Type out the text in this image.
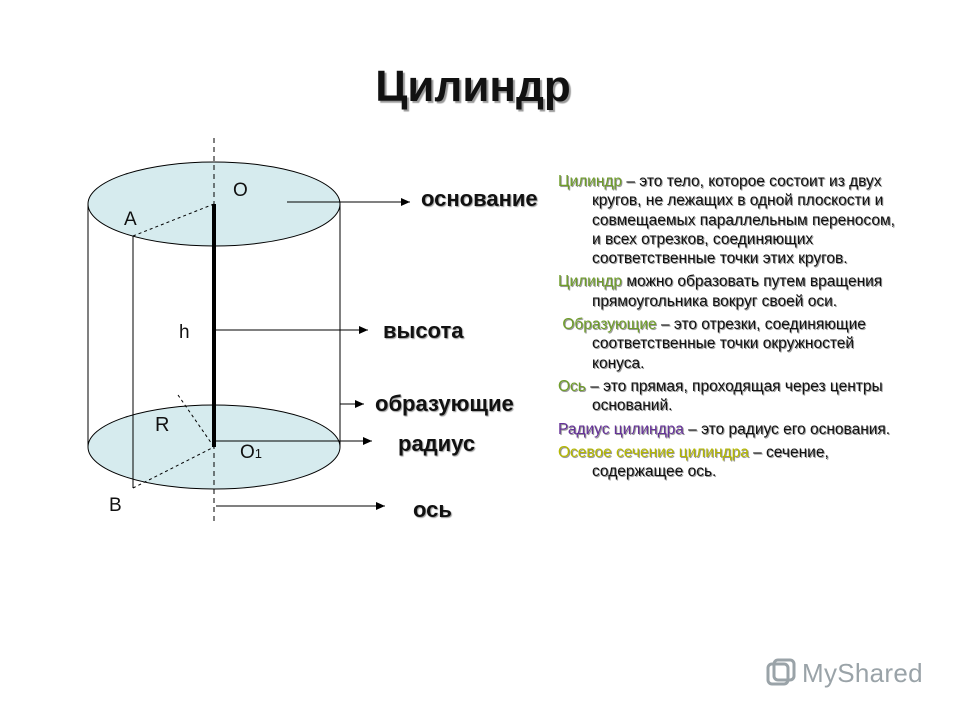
Цилиндр
O
A
h
R
O1
B
основание
высота
образующие
радиус
ось

Цилиндр – это тело, которое состоит из двух кругов, не лежащих в одной плоскости и совмещаемых параллельным переносом, и всех отрезков, соединяющих соответственные точки этих кругов.

Цилиндр можно образовать путем вращения прямоугольника вокруг своей оси.

Образующие – это отрезки, соединяющие соответственные точки окружностей конуса.

Ось – это прямая, проходящая через центры оснований.

Радиус цилиндра – это радиус его основания.

Осевое сечение цилиндра – сечение, содержащее ось.

MyShared
